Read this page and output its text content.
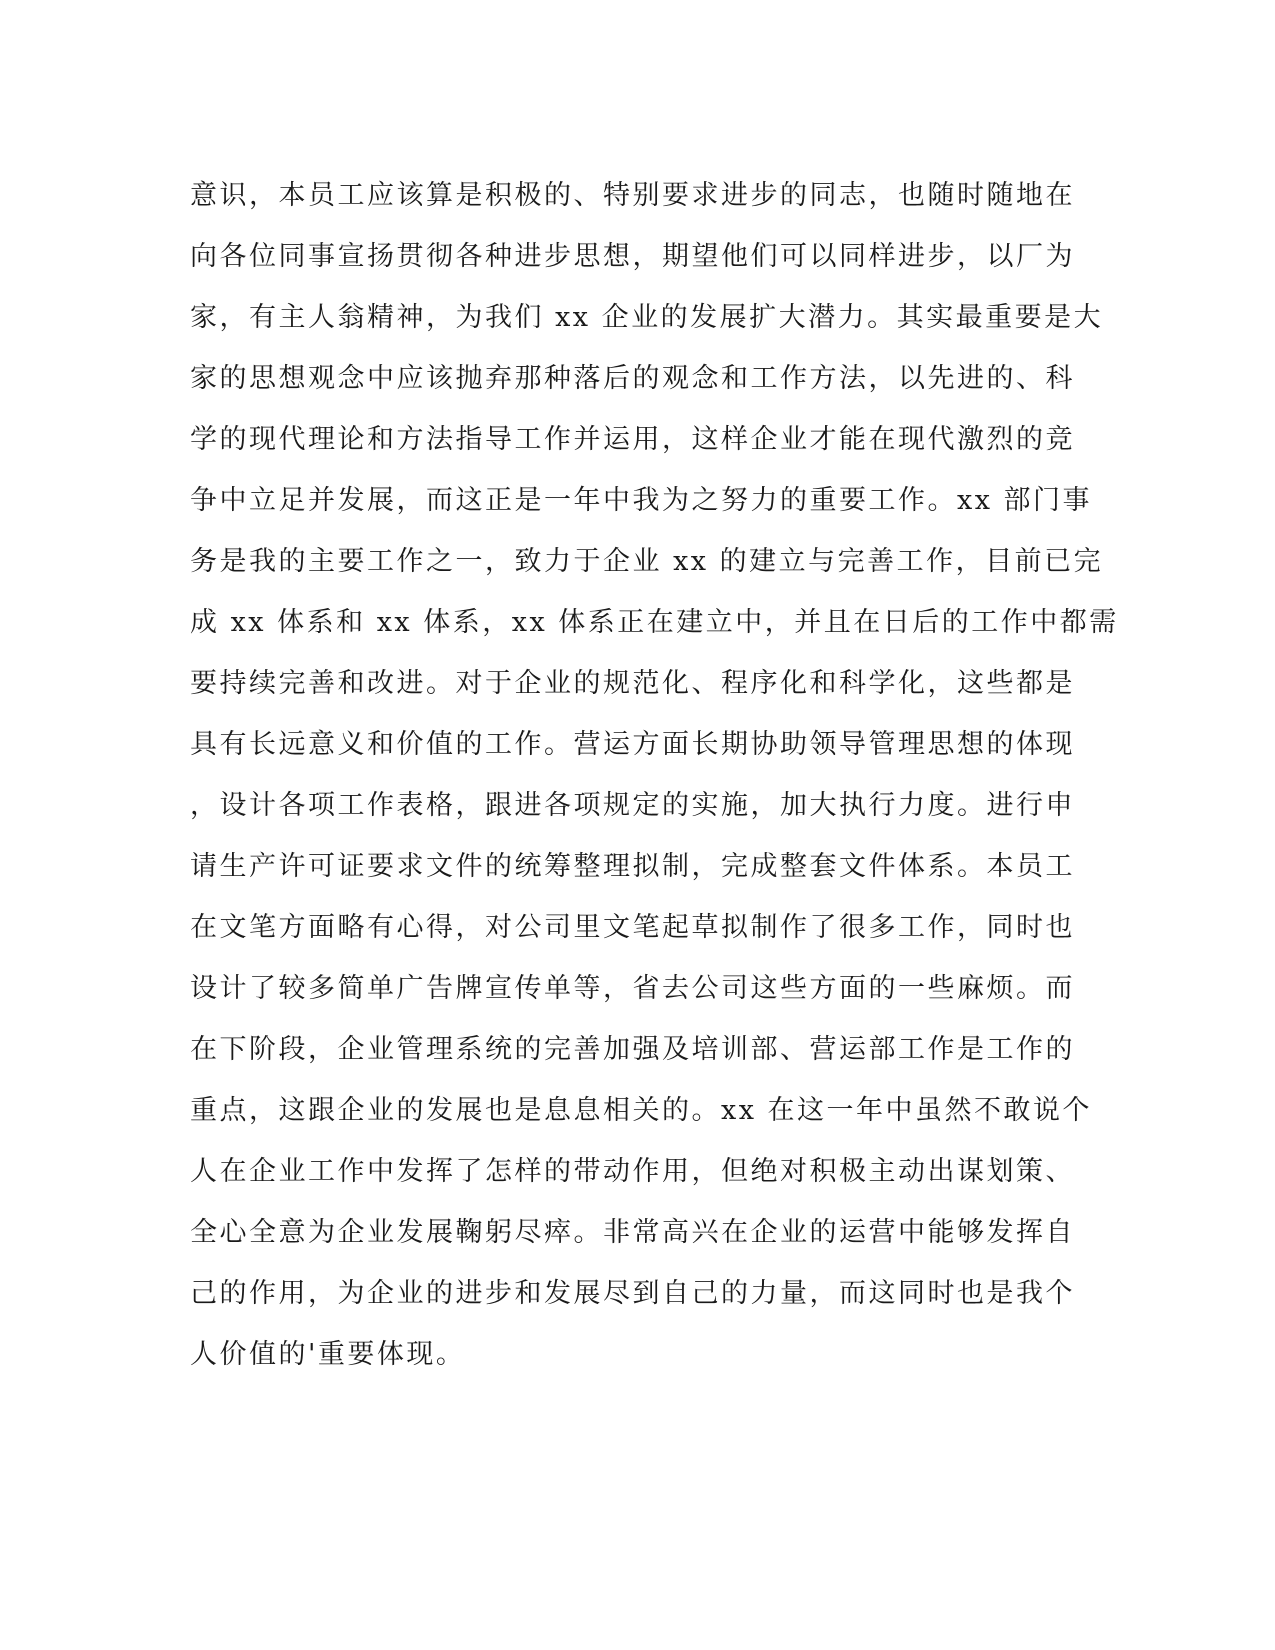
意识，本员工应该算是积极的、特别要求进步的同志，也随时随地在
向各位同事宣扬贯彻各种进步思想，期望他们可以同样进步，以厂为
家，有主人翁精神，为我们 xx 企业的发展扩大潜力。其实最重要是大
家的思想观念中应该抛弃那种落后的观念和工作方法，以先进的、科
学的现代理论和方法指导工作并运用，这样企业才能在现代激烈的竞
争中立足并发展，而这正是一年中我为之努力的重要工作。xx 部门事
务是我的主要工作之一，致力于企业 xx 的建立与完善工作，目前已完
成 xx 体系和 xx 体系，xx 体系正在建立中，并且在日后的工作中都需
要持续完善和改进。对于企业的规范化、程序化和科学化，这些都是
具有长远意义和价值的工作。营运方面长期协助领导管理思想的体现
，设计各项工作表格，跟进各项规定的实施，加大执行力度。进行申
请生产许可证要求文件的统筹整理拟制，完成整套文件体系。本员工
在文笔方面略有心得，对公司里文笔起草拟制作了很多工作，同时也
设计了较多简单广告牌宣传单等，省去公司这些方面的一些麻烦。而
在下阶段，企业管理系统的完善加强及培训部、营运部工作是工作的
重点，这跟企业的发展也是息息相关的。xx 在这一年中虽然不敢说个
人在企业工作中发挥了怎样的带动作用，但绝对积极主动出谋划策、
全心全意为企业发展鞠躬尽瘁。非常高兴在企业的运营中能够发挥自
己的作用，为企业的进步和发展尽到自己的力量，而这同时也是我个
人价值的'重要体现。
